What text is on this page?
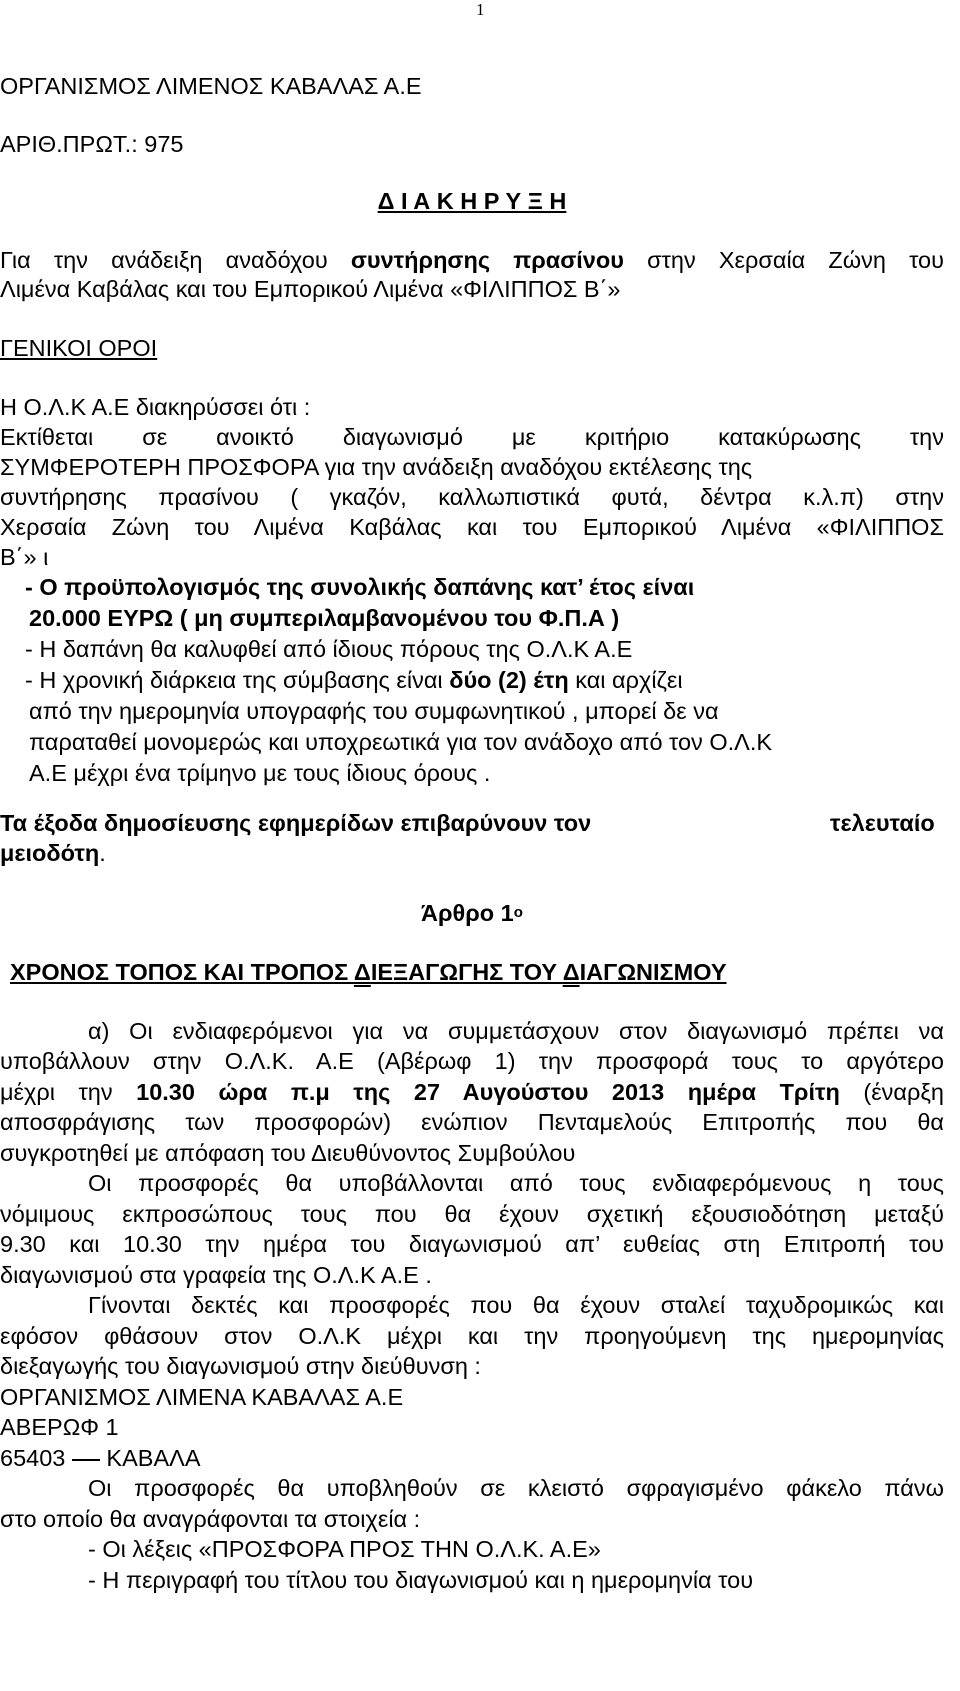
1
ΟΡΓΑΝΙΣΜΟΣ ΛΙΜΕΝΟΣ ΚΑΒΑΛΑΣ Α.Ε
ΑΡΙΘ.ΠΡΩΤ.: 975
Δ Ι Α Κ Η Ρ Υ Ξ Η
Για την ανάδειξη αναδόχου συντήρησης πρασίνου στην Χερσαία Ζώνη του
Λιμένα Καβάλας και του Εμπορικού Λιμένα «ΦΙΛΙΠΠΟΣ Β΄»
ΓΕΝΙΚΟΙ ΟΡΟΙ
Η Ο.Λ.Κ Α.Ε διακηρύσσει ότι :
Εκτίθεται σε ανοικτό διαγωνισμό με κριτήριο κατακύρωσης την
ΣΥΜΦΕΡΟΤΕΡΗ ΠΡΟΣΦΟΡΑ για την ανάδειξη αναδόχου εκτέλεσης της
συντήρησης πρασίνου ( γκαζόν, καλλωπιστικά φυτά, δέντρα κ.λ.π) στην
Χερσαία Ζώνη του Λιμένα Καβάλας και του Εμπορικού Λιμένα «ΦΙΛΙΠΠΟΣ
Β΄» ι
- Ο προϋπολογισμός της συνολικής δαπάνης κατ’ έτος είναι
20.000 ΕΥΡΩ ( μη συμπεριλαμβανομένου του Φ.Π.Α )
- Η δαπάνη θα καλυφθεί από ίδιους πόρους της Ο.Λ.Κ Α.Ε
- Η χρονική διάρκεια της σύμβασης είναι δύο (2) έτη και αρχίζει
από την ημερομηνία υπογραφής του συμφωνητικού , μπορεί δε να
παραταθεί μονομερώς και υποχρεωτικά για τον ανάδοχο από τον Ο.Λ.Κ
Α.Ε μέχρι ένα τρίμηνο με τους ίδιους όρους .
Τα έξοδα δημοσίευσης εφημερίδων επιβαρύνουν τον	τελευταίο
μειοδότη.
Άρθρο $1^o$
ΧΡΟΝΟΣ ΤΟΠΟΣ ΚΑΙ ΤΡΟΠΟΣ ΔΙΕΞΑΓΩΓΗΣ ΤΟΥ ΔΙΑΓΩΝΙΣΜΟΥ
α) Οι ενδιαφερόμενοι για να συμμετάσχουν στον διαγωνισμό πρέπει να
υποβάλλουν στην Ο.Λ.Κ. Α.Ε (Αβέρωφ 1) την προσφορά τους το αργότερο
μέχρι την 10.30 ώρα π.μ της 27 Αυγούστου 2013 ημέρα Τρίτη (έναρξη
αποσφράγισης των προσφορών) ενώπιον Πενταμελούς Επιτροπής που θα
συγκροτηθεί με απόφαση του Διευθύνοντος Συμβούλου
Οι προσφορές θα υποβάλλονται από τους ενδιαφερόμενους η τους
νόμιμους εκπροσώπους τους που θα έχουν σχετική εξουσιοδότηση μεταξύ
9.30 και 10.30 την ημέρα του διαγωνισμού απ’ ευθείας στη Επιτροπή του
διαγωνισμού στα γραφεία της Ο.Λ.Κ Α.Ε .
Γίνονται δεκτές και προσφορές που θα έχουν σταλεί ταχυδρομικώς και
εφόσον φθάσουν στον Ο.Λ.Κ μέχρι και την προηγούμενη της ημερομηνίας
διεξαγωγής του διαγωνισμού στην διεύθυνση :
ΟΡΓΑΝΙΣΜΟΣ ΛΙΜΕΝΑ ΚΑΒΑΛΑΣ Α.Ε
ΑΒΕΡΩΦ 1
65403  ΚΑΒΑΛΑ
Οι προσφορές θα υποβληθούν σε κλειστό σφραγισμένο φάκελο πάνω
στο οποίο θα αναγράφονται τα στοιχεία :
- Οι λέξεις «ΠΡΟΣΦΟΡΑ ΠΡΟΣ ΤΗΝ Ο.Λ.Κ. Α.Ε»
- Η περιγραφή του τίτλου του διαγωνισμού και η ημερομηνία του
